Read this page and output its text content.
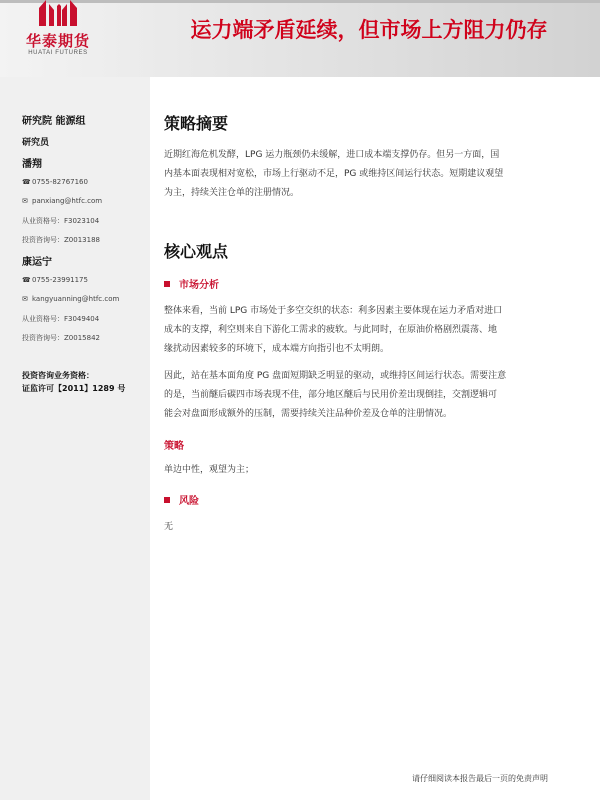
华泰期货
HUATAI FUTURES
运力端矛盾延续，但市场上方阻力仍存
研究院 能源组
研究员
潘翔
☎0755-82767160
✉ panxiang@htfc.com
从业资格号：F3023104
投资咨询号：Z0013188
康运宁
☎0755-23991175
✉ kangyuanning@htfc.com
从业资格号：F3049404
投资咨询号：Z0015842
投资咨询业务资格：
证监许可【2011】1289 号
策略摘要
近期红海危机发酵，LPG 运力瓶颈仍未缓解，进口成本端支撑仍存。但另一方面，国
内基本面表现相对宽松，市场上行驱动不足，PG 或维持区间运行状态。短期建议观望
为主，持续关注仓单的注册情况。
核心观点
市场分析
整体来看，当前 LPG 市场处于多空交织的状态：利多因素主要体现在运力矛盾对进口
成本的支撑，利空则来自下游化工需求的疲软。与此同时，在原油价格剧烈震荡、地
缘扰动因素较多的环境下，成本端方向指引也不太明朗。
因此，站在基本面角度 PG 盘面短期缺乏明显的驱动，或维持区间运行状态。需要注意
的是，当前醚后碳四市场表现不佳，部分地区醚后与民用价差出现倒挂，交割逻辑可
能会对盘面形成额外的压制，需要持续关注品种价差及仓单的注册情况。
策略
单边中性，观望为主；
风险
无
请仔细阅读本报告最后一页的免责声明
